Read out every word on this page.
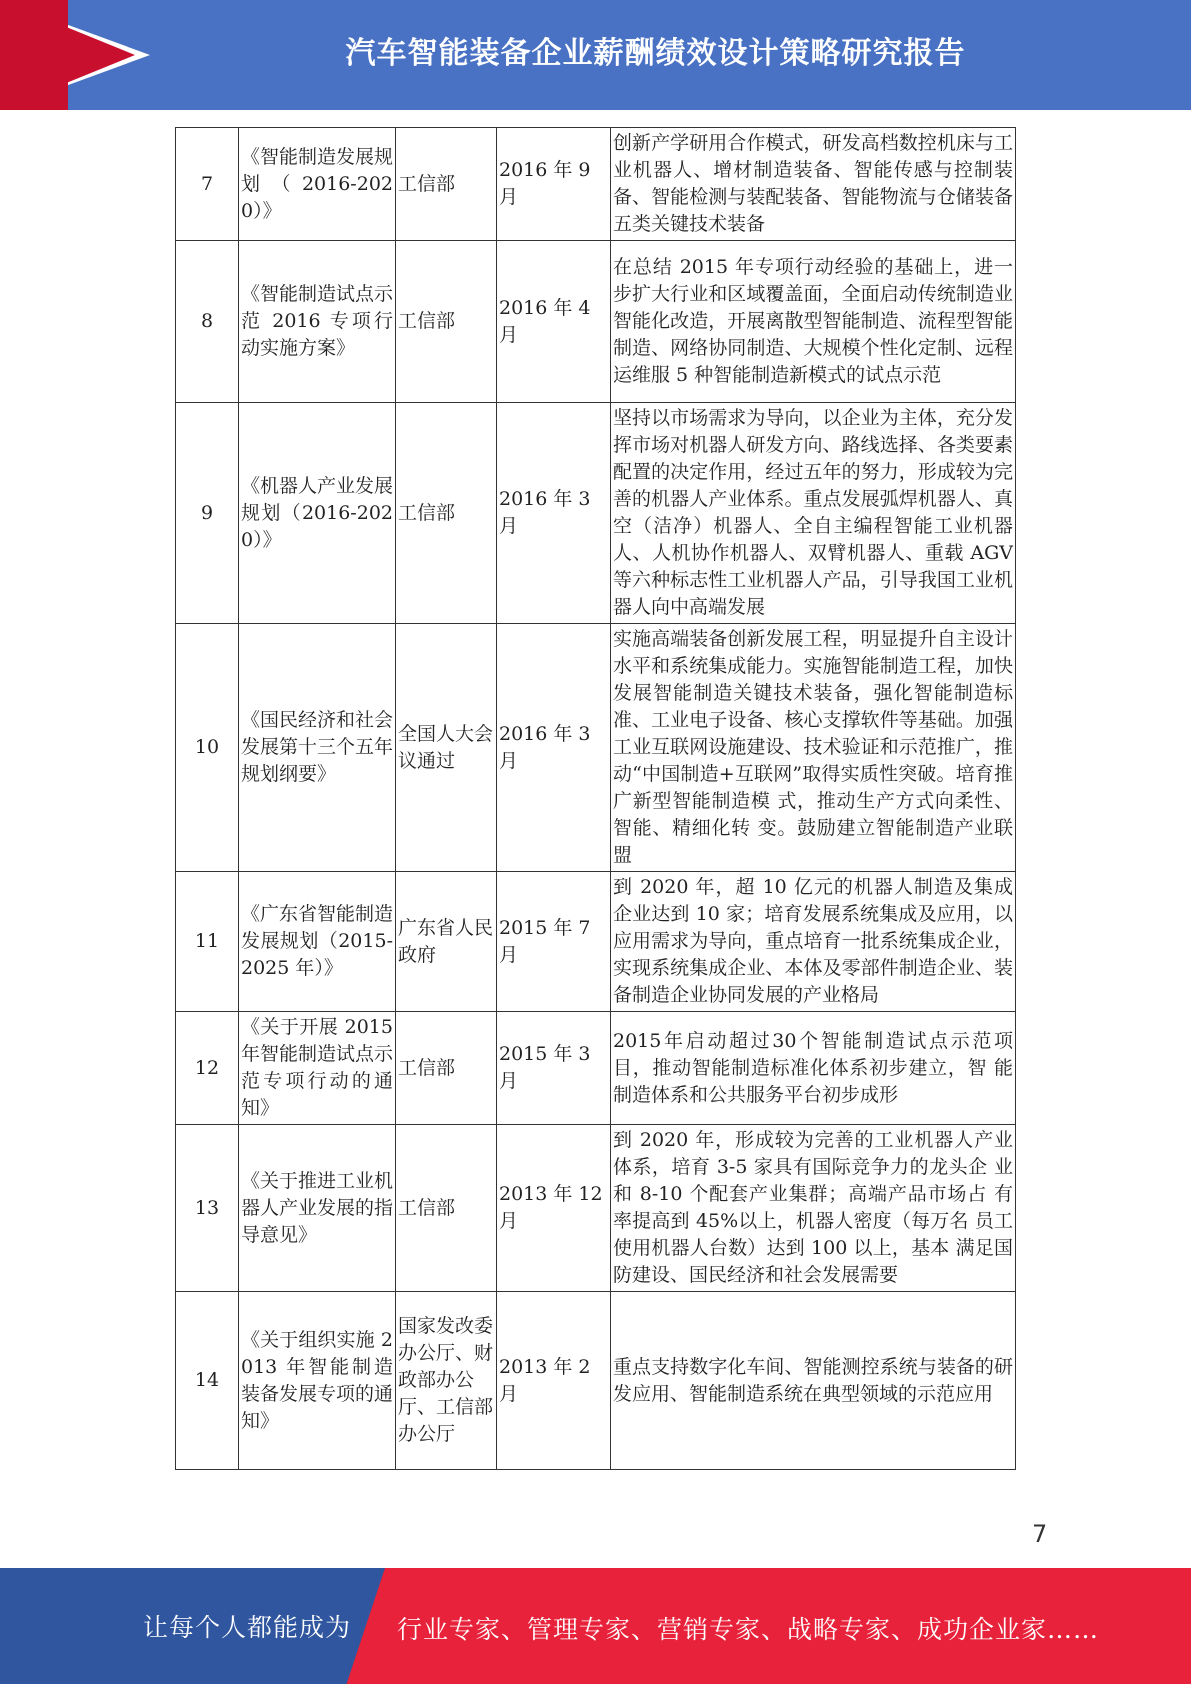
汽车智能装备企业薪酬绩效设计策略研究报告
7	《智能制造发展规划（2016-2020）》	工信部	2016 年 9 月	创新产学研用合作模式，研发高档数控机床与工业机器人、增材制造装备、智能传感与控制装备、智能检测与装配装备、智能物流与仓储装备五类关键技术装备
8	《智能制造试点示范 2016 专项行动实施方案》	工信部	2016 年 4 月	在总结 2015 年专项行动经验的基础上，进一步扩大行业和区域覆盖面，全面启动传统制造业智能化改造，开展离散型智能制造、流程型智能制造、网络协同制造、大规模个性化定制、远程运维服 5 种智能制造新模式的试点示范
9	《机器人产业发展规划（2016-2020）》	工信部	2016 年 3 月	坚持以市场需求为导向，以企业为主体，充分发挥市场对机器人研发方向、路线选择、各类要素配置的决定作用，经过五年的努力，形成较为完善的机器人产业体系。重点发展弧焊机器人、真空（洁净）机器人、全自主编程智能工业机器人、人机协作机器人、双臂机器人、重载 AGV 等六种标志性工业机器人产品，引导我国工业机器人向中高端发展
10	《国民经济和社会发展第十三个五年规划纲要》	全国人大会议通过	2016 年 3 月	实施高端装备创新发展工程，明显提升自主设计水平和系统集成能力。实施智能制造工程，加快发展智能制造关键技术装备，强化智能制造标准、工业电子设备、核心支撑软件等基础。加强工业互联网设施建设、技术验证和示范推广，推动“中国制造+互联网”取得实质性突破。培育推广新型智能制造模 式，推动生产方式向柔性、智能、精细化转 变。鼓励建立智能制造产业联盟
11	《广东省智能制造发展规划（2015-2025 年）》	广东省人民政府	2015 年 7 月	到 2020 年，超 10 亿元的机器人制造及集成企业达到 10 家；培育发展系统集成及应用，以应用需求为导向，重点培育一批系统集成企业，实现系统集成企业、本体及零部件制造企业、装备制造企业协同发展的产业格局
12	《关于开展 2015 年智能制造试点示范专项行动的通知》	工信部	2015 年 3 月	2015年启动超过30个智能制造试点示范项 目，推动智能制造标准化体系初步建立，智 能制造体系和公共服务平台初步成形
13	《关于推进工业机器人产业发展的指导意见》	工信部	2013 年 12 月	到 2020 年，形成较为完善的工业机器人产业体系，培育 3-5 家具有国际竞争力的龙头企 业和 8-10 个配套产业集群；高端产品市场占 有率提高到 45%以上，机器人密度（每万名 员工使用机器人台数）达到 100 以上，基本 满足国防建设、国民经济和社会发展需要
14	《关于组织实施 2013 年智能制造装备发展专项的通知》	国家发改委办公厅、财政部办公厅、工信部办公厅	2013 年 2 月	重点支持数字化车间、智能测控系统与装备的研发应用、智能制造系统在典型领域的示范应用
7
让每个人都能成为 行业专家、管理专家、营销专家、战略专家、成功企业家……
